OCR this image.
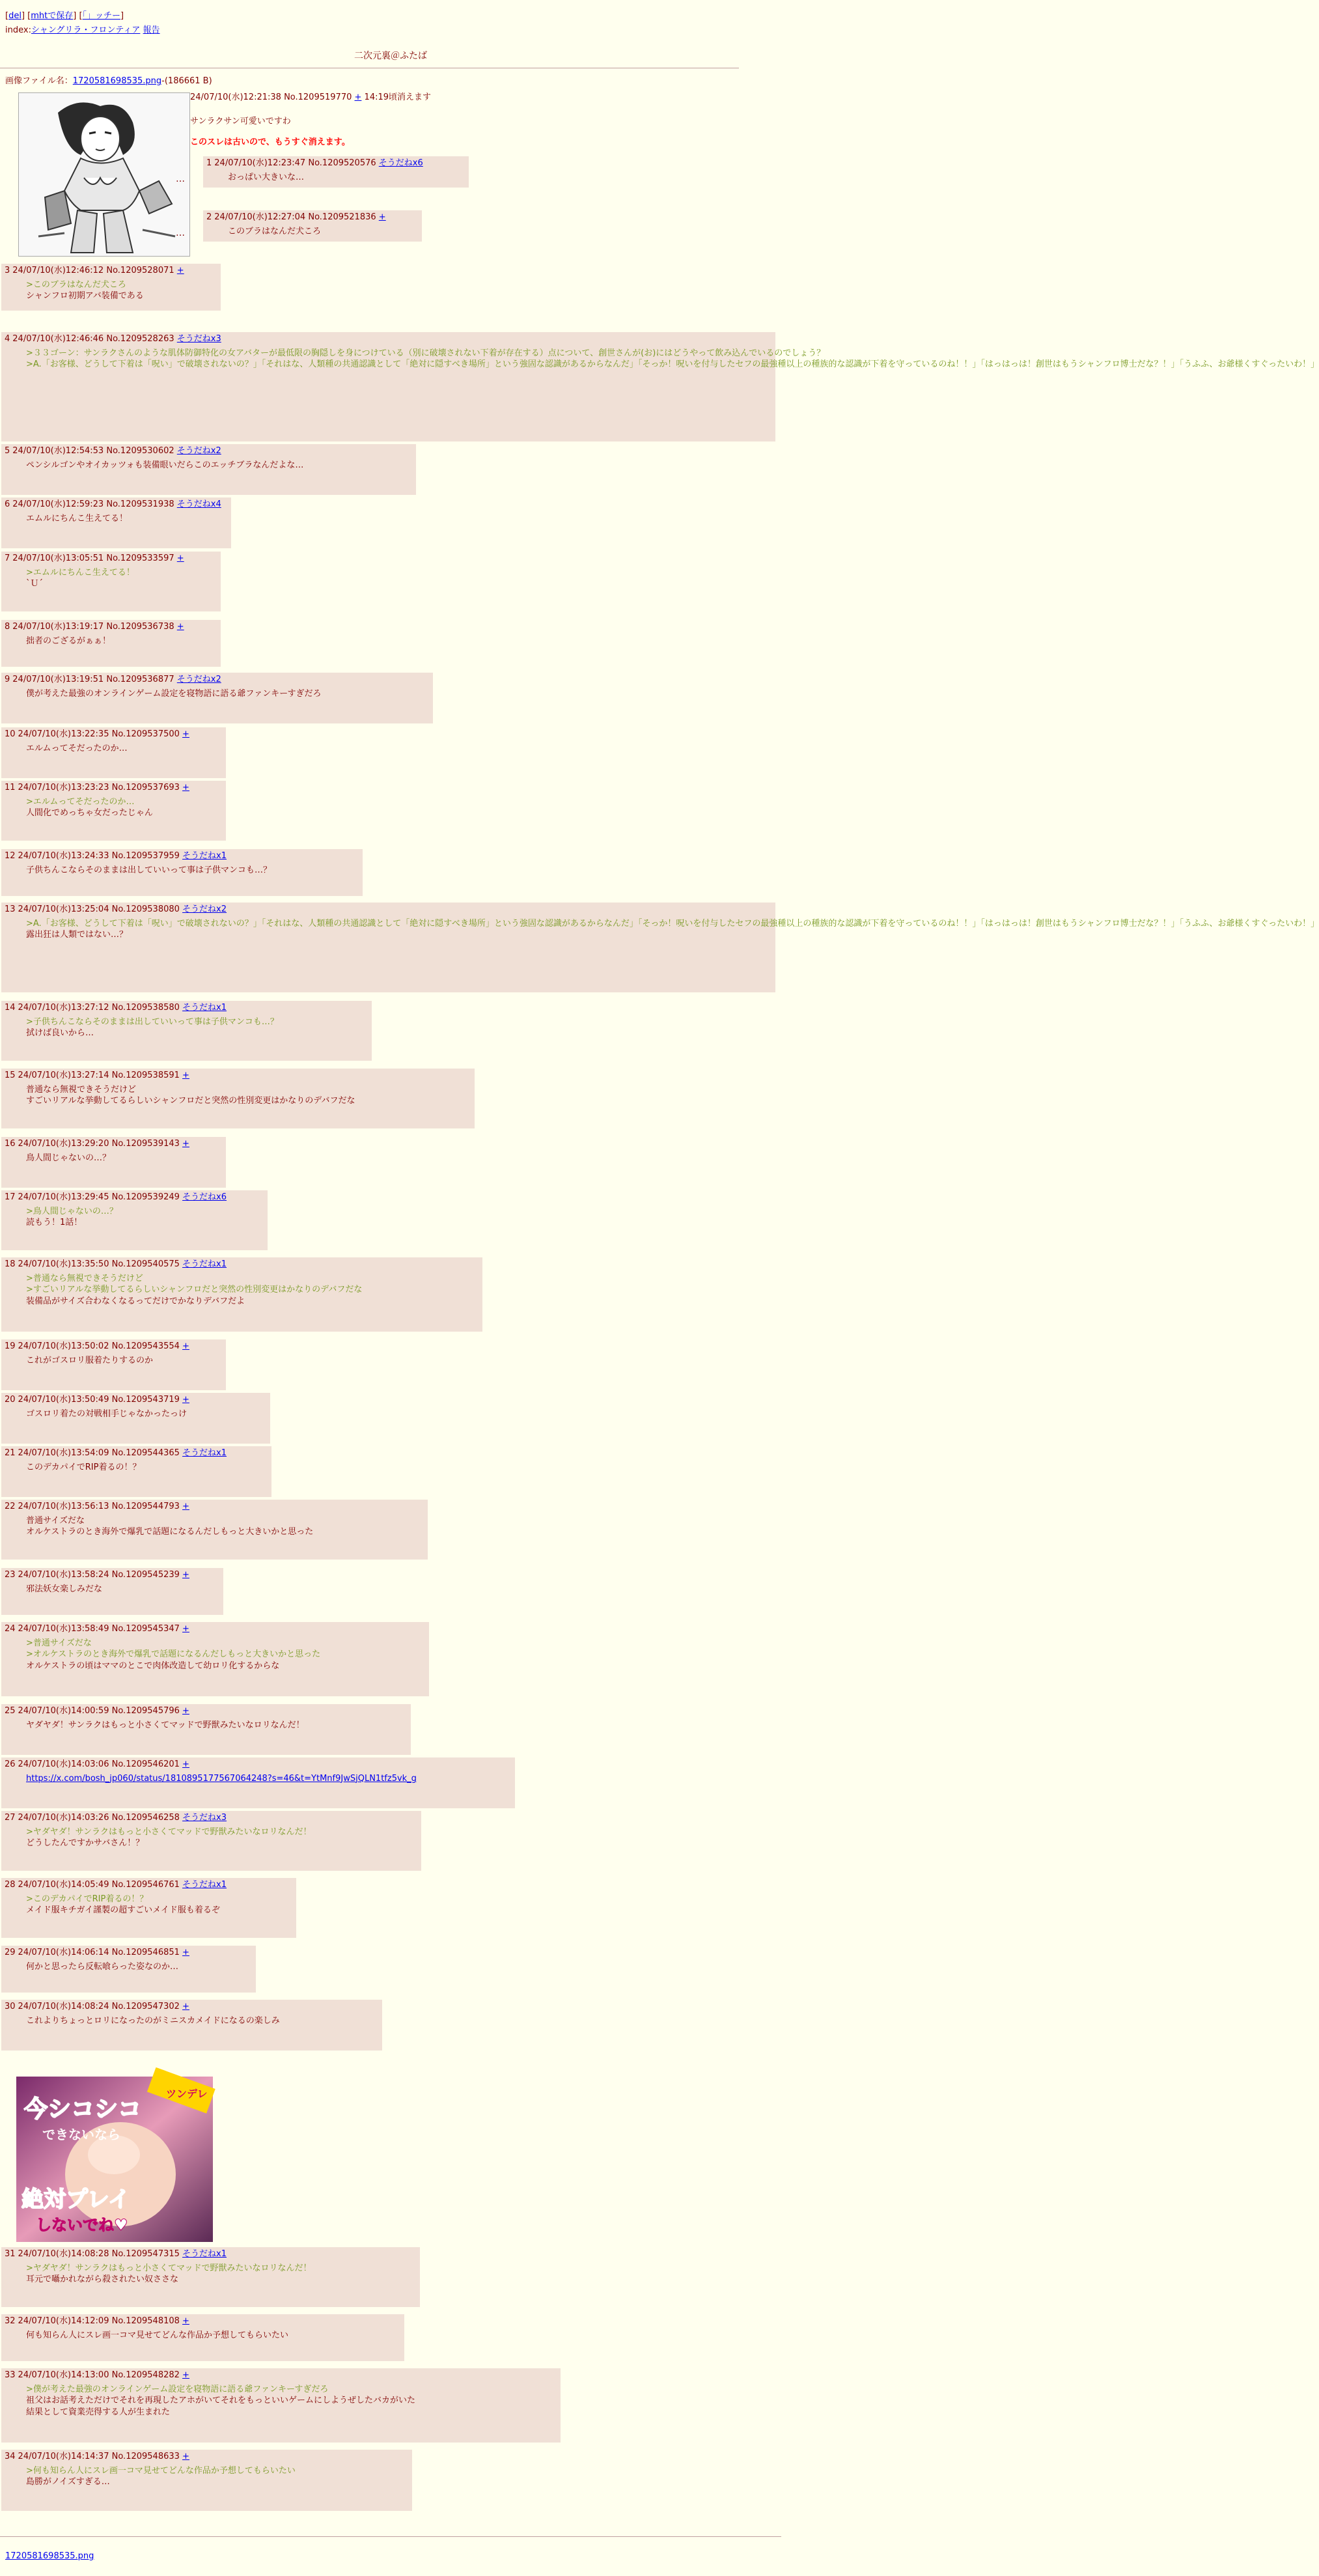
[del] [mhtで保存] [「」ッチー]
index:シャングリラ・フロンティア 報告
二次元裏＠ふたば
画像ファイル名：1720581698535.png-(186661 B)
24/07/10(水)12:21:38 No.1209519770 + 14:19頃消えます
サンラクサン可愛いですわ
このスレは古いので、もうすぐ消えます。
…
1 24/07/10(水)12:23:47 No.1209520576 そうだねx6
おっぱい大きいな…
…
2 24/07/10(水)12:27:04 No.1209521836 +
このブラはなんだ犬ころ
3 24/07/10(水)12:46:12 No.1209528071 +
>このブラはなんだ犬ころ
シャンフロ初期アバ装備である
4 24/07/10(水)12:46:46 No.1209528263 そうだねx3
>３３ゴーン：サンラクさんのような肌体防御特化の女アバターが最低限の胸隠しを身につけている（別に破壊されない下着が存在する）点について、創世さんが(お)にはどうやって飲み込んでいるのでしょう？
>A.「お客様、どうして下着は「呪い」で破壊されないの？」「それはな、人類種の共通認識として「絶対に隠すべき場所」という強固な認識があるからなんだ」「そっか！呪いを付与したセフの最強種以上の種族的な認識が下着を守っているのね！！」「はっはっは！創世はもうシャンフロ博士だな？！」「うふふ、お爺様くすぐったいわ！」
5 24/07/10(水)12:54:53 No.1209530602 そうだねx2
ペンシルゴンやオイカッツォも装備眼いだらこのエッチブラなんだよな…
6 24/07/10(水)12:59:23 No.1209531938 そうだねx4
エムルにちんこ生えてる！
7 24/07/10(水)13:05:51 No.1209533597 +
>エムルにちんこ生えてる！
`Ｕ´
8 24/07/10(水)13:19:17 No.1209536738 +
拙者のござるがぁぁ！
9 24/07/10(水)13:19:51 No.1209536877 そうだねx2
僕が考えた最強のオンラインゲーム設定を寝物語に語る爺ファンキーすぎだろ
10 24/07/10(水)13:22:35 No.1209537500 +
エルムってそだったのか…
11 24/07/10(水)13:23:23 No.1209537693 +
>エルムってそだったのか…
人間化でめっちゃ女だったじゃん
12 24/07/10(水)13:24:33 No.1209537959 そうだねx1
子供ちんこならそのままは出していいって事は子供マンコも…？
13 24/07/10(水)13:25:04 No.1209538080 そうだねx2
>A.「お客様、どうして下着は「呪い」で破壊されないの？」「それはな、人類種の共通認識として「絶対に隠すべき場所」という強固な認識があるからなんだ」「そっか！呪いを付与したセフの最強種以上の種族的な認識が下着を守っているのね！！」「はっはっは！創世はもうシャンフロ博士だな？！」「うふふ、お爺様くすぐったいわ！」
露出狂は人類ではない…？
14 24/07/10(水)13:27:12 No.1209538580 そうだねx1
>子供ちんこならそのままは出していいって事は子供マンコも…？
拭けば良いから…
15 24/07/10(水)13:27:14 No.1209538591 +
普通なら無視できそうだけど
すごいリアルな挙動してるらしいシャンフロだと突然の性別変更はかなりのデバフだな
16 24/07/10(水)13:29:20 No.1209539143 +
鳥人間じゃないの…？
17 24/07/10(水)13:29:45 No.1209539249 そうだねx6
>鳥人間じゃないの…？
読もう！1話！
18 24/07/10(水)13:35:50 No.1209540575 そうだねx1
>普通なら無視できそうだけど
>すごいリアルな挙動してるらしいシャンフロだと突然の性別変更はかなりのデバフだな
装備品がサイズ合わなくなるってだけでかなりデバフだよ
19 24/07/10(水)13:50:02 No.1209543554 +
これがゴスロリ服着たりするのか
20 24/07/10(水)13:50:49 No.1209543719 +
ゴスロリ着たの対戦相手じゃなかったっけ
21 24/07/10(水)13:54:09 No.1209544365 そうだねx1
このデカパイでRIP着るの！？
22 24/07/10(水)13:56:13 No.1209544793 +
普通サイズだな
オルケストラのとき海外で爆乳で話題になるんだしもっと大きいかと思った
23 24/07/10(水)13:58:24 No.1209545239 +
邪法妖女楽しみだな
24 24/07/10(水)13:58:49 No.1209545347 +
>普通サイズだな
>オルケストラのとき海外で爆乳で話題になるんだしもっと大きいかと思った
オルケストラの頃はママのとこで肉体改造して幼ロリ化するからな
25 24/07/10(水)14:00:59 No.1209545796 +
ヤダヤダ！サンラクはもっと小さくてマッドで野獣みたいなロリなんだ！
26 24/07/10(水)14:03:06 No.1209546201 +
https://x.com/bosh_jp060/status/1810895177567064248?s=46&t=YtMnf9JwSjQLN1tfz5vk_g
27 24/07/10(水)14:03:26 No.1209546258 そうだねx3
>ヤダヤダ！サンラクはもっと小さくてマッドで野獣みたいなロリなんだ！
どうしたんですかサバさん！？
28 24/07/10(水)14:05:49 No.1209546761 そうだねx1
>このデカパイでRIP着るの！？
メイド服キチガイ謹製の超すごいメイド服も着るぞ
29 24/07/10(水)14:06:14 No.1209546851 +
何かと思ったら反転喰らった姿なのか…
30 24/07/10(水)14:08:24 No.1209547302 +
これよりちょっとロリになったのがミニスカメイドになるの楽しみ
31 24/07/10(水)14:08:28 No.1209547315 そうだねx1
>ヤダヤダ！サンラクはもっと小さくてマッドで野獣みたいなロリなんだ！
耳元で囁かれながら殺されたい奴ささな
32 24/07/10(水)14:12:09 No.1209548108 +
何も知らん人にスレ画一コマ見せてどんな作品か予想してもらいたい
33 24/07/10(水)14:13:00 No.1209548282 +
>僕が考えた最強のオンラインゲーム設定を寝物語に語る爺ファンキーすぎだろ
祖父はお話考えただけでそれを再現したアホがいてそれをもっといいゲームにしようぜしたバカがいた
結果として資業売得する人が生まれた
34 24/07/10(水)14:14:37 No.1209548633 +
>何も知らん人にスレ画一コマ見せてどんな作品か予想してもらいたい
島勝がノイズすぎる…
ツンデレ
今シコシコ
できないなら
絶対プレイ
しないでね♥
1720581698535.png
